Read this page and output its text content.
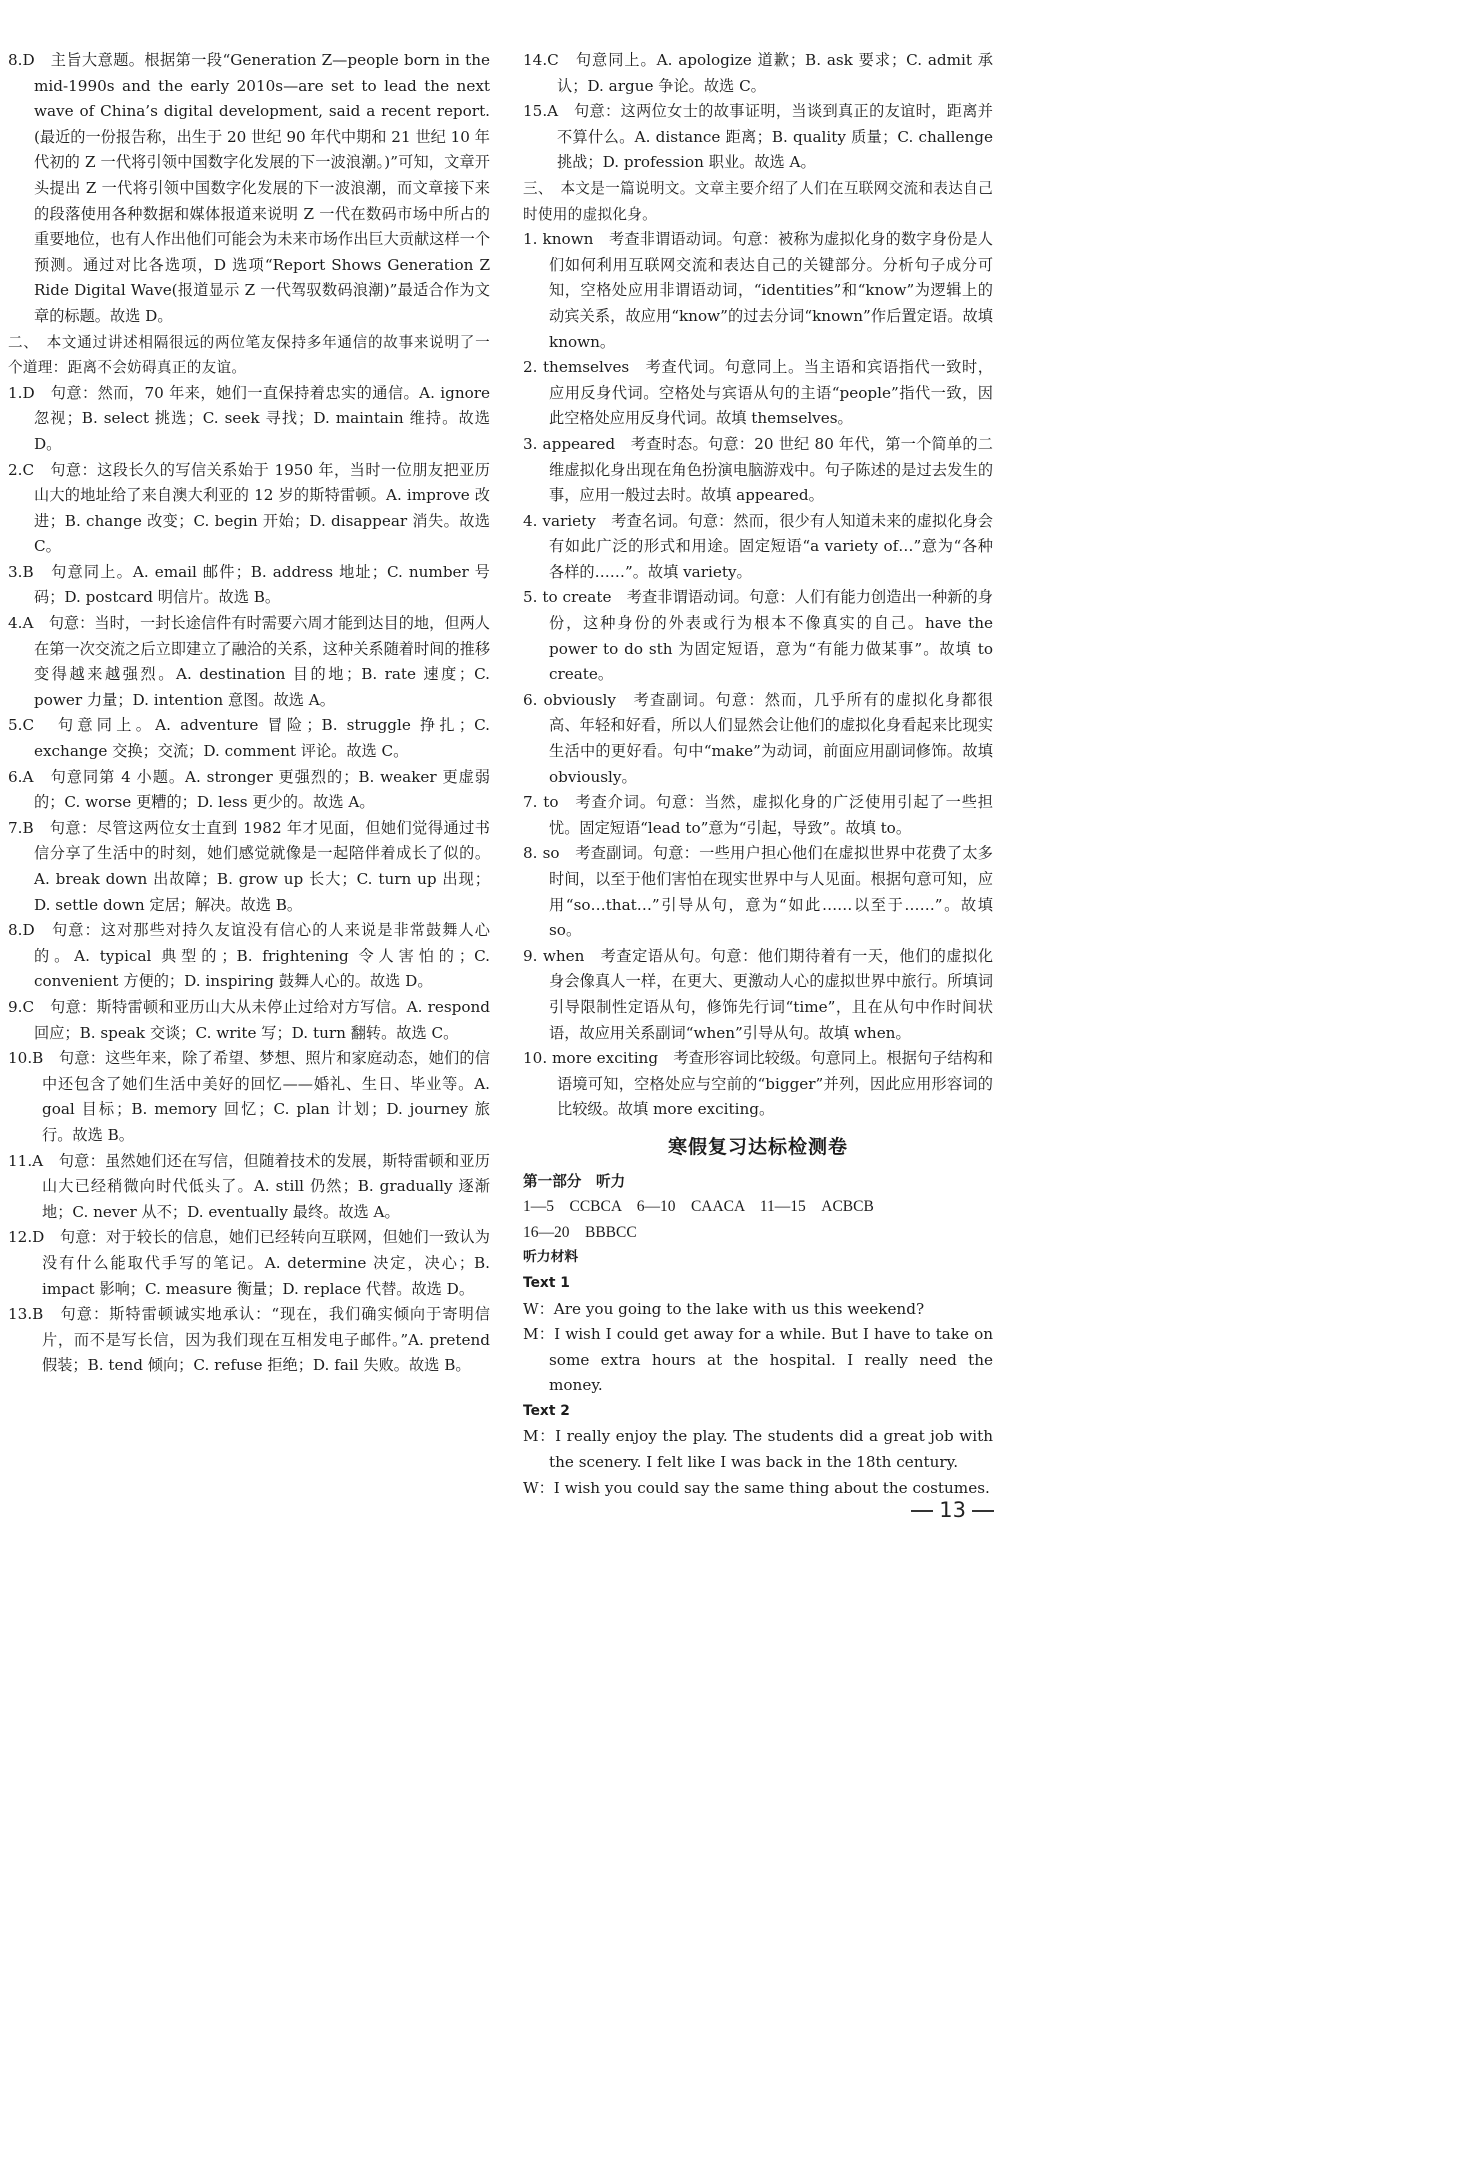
8.D　主旨大意题。根据第一段“Generation Z—people born in the mid-1990s and the early 2010s—are set to lead the next wave of China’s digital development, said a recent report.(最近的一份报告称，出生于 20 世纪 90 年代中期和 21 世纪 10 年代初的 Z 一代将引领中国数字化发展的下一波浪潮。)”可知，文章开头提出 Z 一代将引领中国数字化发展的下一波浪潮，而文章接下来的段落使用各种数据和媒体报道来说明 Z 一代在数码市场中所占的重要地位，也有人作出他们可能会为未来市场作出巨大贡献这样一个预测。通过对比各选项，D 选项“Report Shows Generation Z Ride Digital Wave(报道显示 Z 一代驾驭数码浪潮)”最适合作为文章的标题。故选 D。
二、　本文通过讲述相隔很远的两位笔友保持多年通信的故事来说明了一个道理：距离不会妨碍真正的友谊。
1.D　句意：然而，70 年来，她们一直保持着忠实的通信。A. ignore 忽视；B. select 挑选；C. seek 寻找；D. maintain 维持。故选 D。
2.C　句意：这段长久的写信关系始于 1950 年，当时一位朋友把亚历山大的地址给了来自澳大利亚的 12 岁的斯特雷顿。A. improve 改进；B. change 改变；C. begin 开始；D. disappear 消失。故选 C。
3.B　句意同上。A. email 邮件；B. address 地址；C. number 号码；D. postcard 明信片。故选 B。
4.A　句意：当时，一封长途信件有时需要六周才能到达目的地，但两人在第一次交流之后立即建立了融洽的关系，这种关系随着时间的推移变得越来越强烈。A. destination 目的地；B. rate 速度；C. power 力量；D. intention 意图。故选 A。
5.C　句意同上。A. adventure 冒险；B. struggle 挣扎；C. exchange 交换；交流；D. comment 评论。故选 C。
6.A　句意同第 4 小题。A. stronger 更强烈的；B. weaker 更虚弱的；C. worse 更糟的；D. less 更少的。故选 A。
7.B　句意：尽管这两位女士直到 1982 年才见面，但她们觉得通过书信分享了生活中的时刻，她们感觉就像是一起陪伴着成长了似的。A. break down 出故障；B. grow up 长大；C. turn up 出现；D. settle down 定居；解决。故选 B。
8.D　句意：这对那些对持久友谊没有信心的人来说是非常鼓舞人心的。A. typical 典型的；B. frightening 令人害怕的；C. convenient 方便的；D. inspiring 鼓舞人心的。故选 D。
9.C　句意：斯特雷顿和亚历山大从未停止过给对方写信。A. respond 回应；B. speak 交谈；C. write 写；D. turn 翻转。故选 C。
10.B　句意：这些年来，除了希望、梦想、照片和家庭动态，她们的信中还包含了她们生活中美好的回忆——婚礼、生日、毕业等。A. goal 目标；B. memory 回忆；C. plan 计划；D. journey 旅行。故选 B。
11.A　句意：虽然她们还在写信，但随着技术的发展，斯特雷顿和亚历山大已经稍微向时代低头了。A. still 仍然；B. gradually 逐渐地；C. never 从不；D. eventually 最终。故选 A。
12.D　句意：对于较长的信息，她们已经转向互联网，但她们一致认为没有什么能取代手写的笔记。A. determine 决定，决心；B. impact 影响；C. measure 衡量；D. replace 代替。故选 D。
13.B　句意：斯特雷顿诚实地承认：“现在，我们确实倾向于寄明信片，而不是写长信，因为我们现在互相发电子邮件。”A. pretend 假装；B. tend 倾向；C. refuse 拒绝；D. fail 失败。故选 B。
14.C　句意同上。A. apologize 道歉；B. ask 要求；C. admit 承认；D. argue 争论。故选 C。
15.A　句意：这两位女士的故事证明，当谈到真正的友谊时，距离并不算什么。A. distance 距离；B. quality 质量；C. challenge 挑战；D. profession 职业。故选 A。
三、　本文是一篇说明文。文章主要介绍了人们在互联网交流和表达自己时使用的虚拟化身。
1. known　考查非谓语动词。句意：被称为虚拟化身的数字身份是人们如何利用互联网交流和表达自己的关键部分。分析句子成分可知，空格处应用非谓语动词，“identities”和“know”为逻辑上的动宾关系，故应用“know”的过去分词“known”作后置定语。故填 known。
2. themselves　考查代词。句意同上。当主语和宾语指代一致时，应用反身代词。空格处与宾语从句的主语“people”指代一致，因此空格处应用反身代词。故填 themselves。
3. appeared　考查时态。句意：20 世纪 80 年代，第一个简单的二维虚拟化身出现在角色扮演电脑游戏中。句子陈述的是过去发生的事，应用一般过去时。故填 appeared。
4. variety　考查名词。句意：然而，很少有人知道未来的虚拟化身会有如此广泛的形式和用途。固定短语“a variety of…”意为“各种各样的……”。故填 variety。
5. to create　考查非谓语动词。句意：人们有能力创造出一种新的身份，这种身份的外表或行为根本不像真实的自己。have the power to do sth 为固定短语，意为“有能力做某事”。故填 to create。
6. obviously　考查副词。句意：然而，几乎所有的虚拟化身都很高、年轻和好看，所以人们显然会让他们的虚拟化身看起来比现实生活中的更好看。句中“make”为动词，前面应用副词修饰。故填 obviously。
7. to　考查介词。句意：当然，虚拟化身的广泛使用引起了一些担忧。固定短语“lead to”意为“引起，导致”。故填 to。
8. so　考查副词。句意：一些用户担心他们在虚拟世界中花费了太多时间，以至于他们害怕在现实世界中与人见面。根据句意可知，应用“so…that…”引导从句，意为“如此……以至于……”。故填 so。
9. when　考查定语从句。句意：他们期待着有一天，他们的虚拟化身会像真人一样，在更大、更激动人心的虚拟世界中旅行。所填词引导限制性定语从句，修饰先行词“time”，且在从句中作时间状语，故应用关系副词“when”引导从句。故填 when。
10. more exciting　考查形容词比较级。句意同上。根据句子结构和语境可知，空格处应与空前的“bigger”并列，因此应用形容词的比较级。故填 more exciting。
寒假复习达标检测卷
第一部分　听力
1—5　CCBCA　6—10　CAACA　11—15　ACBCB
16—20　BBBCC
听力材料
Text 1
W：Are you going to the lake with us this weekend?
M：I wish I could get away for a while. But I have to take on some extra hours at the hospital. I really need the money.
Text 2
M：I really enjoy the play. The students did a great job with the scenery. I felt like I was back in the 18th century.
W：I wish you could say the same thing about the costumes.
13
